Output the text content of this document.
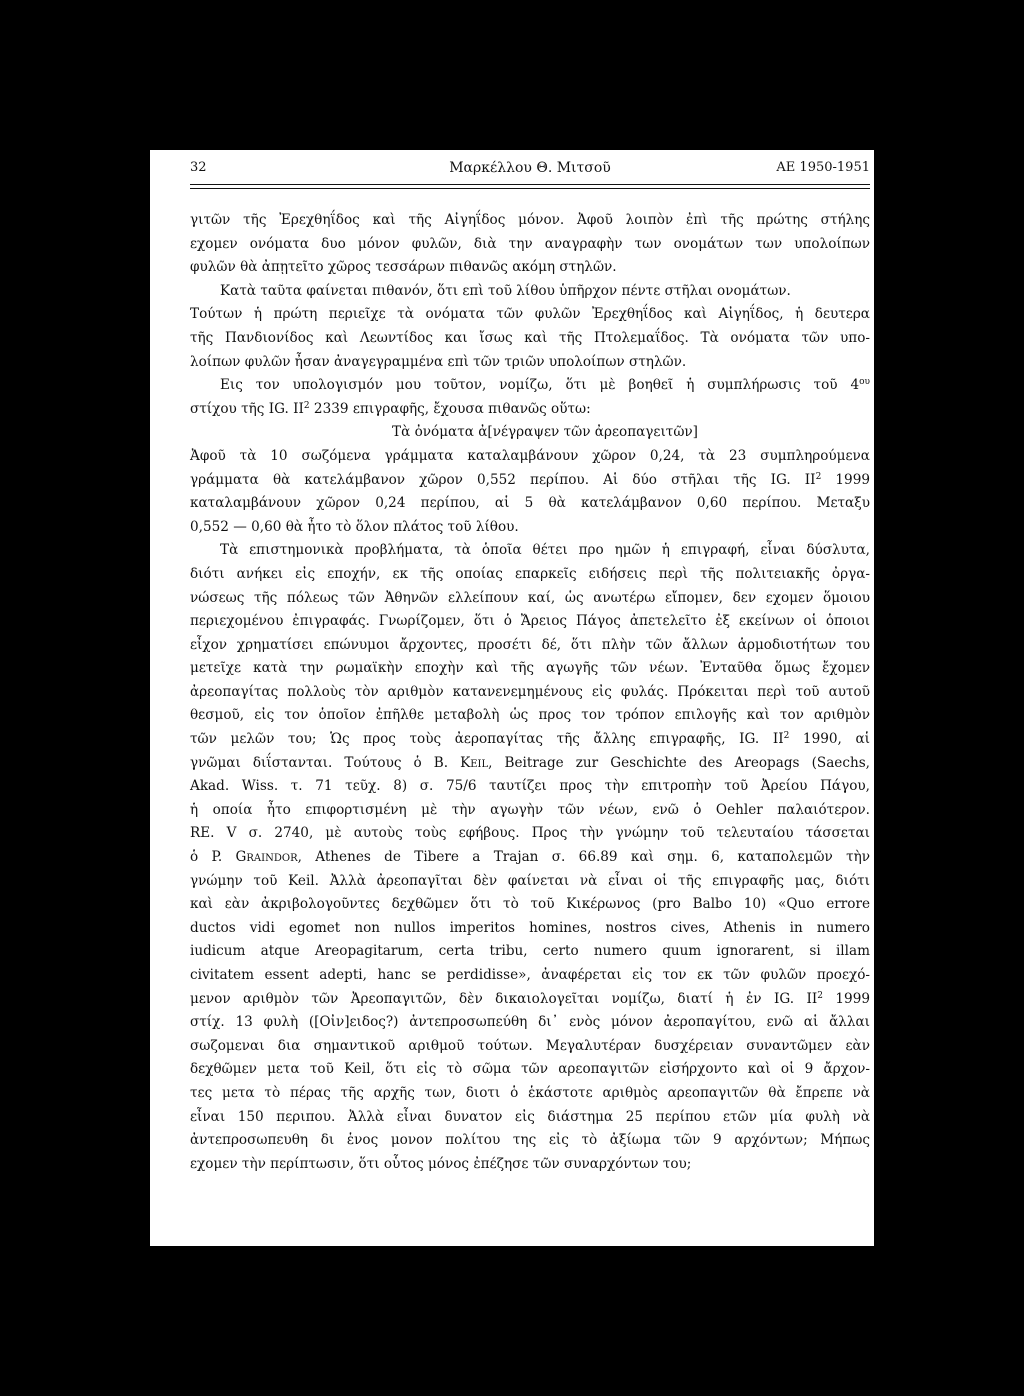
32	Μαρκέλλου Θ. Μιτσοῦ	ΑΕ 1950-1951

γιτῶν τῆς Ἐρεχθηΐδος καὶ τῆς Αἰγηΐδος μόνον. Ἀφοῦ λοιπὸν ἐπὶ τῆς πρώτης στήλης
εχομεν ονόματα δυο μόνον φυλῶν, διὰ την αναγραφὴν των ονομάτων των υπολοίπων
φυλῶν θὰ ἀπῃτεῖτο χῶρος τεσσάρων πιθανῶς ακόμη στηλῶν.

Κατὰ ταῦτα φαίνεται πιθανόν, ὅτι επὶ τοῦ λίθου ὑπῆρχον πέντε στῆλαι ονομάτων.

Τούτων ἡ πρώτη περιεῖχε τὰ ονόματα τῶν φυλῶν Ἐρεχθηΐδος καὶ Αἰγηΐδος, ἡ δευτερα
τῆς Πανδιονίδος καὶ Λεωντίδος και ἴσως καὶ τῆς Πτολεμαΐδος. Τὰ ονόματα τῶν υπο-
λοίπων φυλῶν ἦσαν ἀναγεγραμμένα επὶ τῶν τριῶν υπολοίπων στηλῶν.

Εις τον υπολογισμόν μου τοῦτον, νομίζω, ὅτι μὲ βοηθεῖ ἡ συμπλήρωσις τοῦ $4^{o\upsilon}$
στίχου τῆς IG. $II^2$ 2339 επιγραφῆς, ἔχουσα πιθανῶς οὕτω:

Τὰ ὀνόματα ἀ[νέγραψεν τῶν ἀρεοπαγειτῶν]

Ἀφοῦ τὰ 10 σωζόμενα γράμματα καταλαμβάνουν χῶρον 0,24, τὰ 23 συμπληρούμενα
γράμματα θὰ κατελάμβανον χῶρον 0,552 περίπου. Αἱ δύο στῆλαι τῆς IG. $II^2$ 1999
καταλαμβάνουν χῶρον 0,24 περίπου, αἱ 5 θὰ κατελάμβανον 0,60 περίπου. Μεταξυ
0,552 — 0,60 θὰ ἦτο τὸ ὅλον πλάτος τοῦ λίθου.

Τὰ επιστημονικὰ προβλήματα, τὰ ὁποῖα θέτει προ ημῶν ἡ επιγραφή, εἶναι δύσλυτα,
διότι ανήκει εἰς εποχήν, εκ τῆς οποίας επαρκεῖς ειδήσεις περὶ τῆς πολιτειακῆς ὀργα-
νώσεως τῆς πόλεως τῶν Ἀθηνῶν ελλείπουν καί, ὡς ανωτέρω εἴπομεν, δεν εχομεν ὅμοιου
περιεχομένου ἐπιγραφάς. Γνωρίζομεν, ὅτι ὁ Ἄρειος Πάγος ἀπετελεῖτο ἐξ εκείνων οἱ ὁποιοι
εἶχον χρηματίσει επώνυμοι ἄρχοντες, προσέτι δέ, ὅτι πλὴν τῶν ἄλλων ἁρμοδιοτήτων του
μετεῖχε κατὰ την ρωμαϊκὴν εποχὴν καὶ τῆς αγωγῆς τῶν νέων. Ἐνταῦθα ὅμως ἔχομεν
ἀρεοπαγίτας πολλοὺς τὸν αριθμὸν κατανενεμημένους εἰς φυλάς. Πρόκειται περὶ τοῦ αυτοῦ
θεσμοῦ, εἰς τον ὁποῖον ἐπῆλθε μεταβολὴ ὡς προς τον τρόπον επιλογῆς καὶ τον αριθμὸν
τῶν μελῶν του; Ὡς προς τοὺς ἀεροπαγίτας τῆς ἄλλης επιγραφῆς, IG. $II^2$ 1990, αἱ
γνῶμαι διΐστανται. Τούτους ὁ B. Keil, Beitrage zur Geschichte des Areopags (Saechs,
Akad. Wiss. τ. 71 τεῦχ. 8) σ. 75/6 ταυτίζει προς τὴν επιτροπὴν τοῦ Ἀρείου Πάγου,
ἡ οποία ἦτο επιφορτισμένη μὲ τὴν αγωγὴν τῶν νέων, ενῶ ὁ Oehler παλαιότερον.
RE. V σ. 2740, μὲ αυτοὺς τοὺς εφήβους. Προς τὴν γνώμην τοῦ τελευταίου τάσσεται
ὁ P. Graindor, Athenes de Tibere a Trajan σ. 66.89 καὶ σημ. 6, καταπολεμῶν τὴν
γνώμην τοῦ Keil. Ἀλλὰ ἀρεοπαγῖται δὲν φαίνεται νὰ εἶναι οἱ τῆς επιγραφῆς μας, διότι
καὶ εὰν ἀκριβολογοῦντες δεχθῶμεν ὅτι τὸ τοῦ Κικέρωνος (pro Balbo 10) «Quo errore
ductos vidi egomet non nullos imperitos homines, nostros cives, Athenis in numero
iudicum atque Areopagitarum, certa tribu, certo numero quum ignorarent, si illam
civitatem essent adepti, hanc se perdidisse», ἀναφέρεται εἰς τον εκ τῶν φυλῶν προεχό-
μενον αριθμὸν τῶν Ἀρεοπαγιτῶν, δὲν δικαιολογεῖται νομίζω, διατί ἡ ἐν IG. $II^2$ 1999
στίχ. 13 φυλὴ ([Οἰν]ειδος?) ἀντεπροσωπεύθη δι᾽ ενὸς μόνον ἀεροπαγίτου, ενῶ αἱ ἄλλαι
σωζομεναι δια σημαντικοῦ αριθμοῦ τούτων. Μεγαλυτέραν δυσχέρειαν συναντῶμεν εὰν
δεχθῶμεν μετα τοῦ Keil, ὅτι εἰς τὸ σῶμα τῶν αρεοπαγιτῶν εἰσήρχοντο καὶ οἱ 9 ἄρχον-
τες μετα τὸ πέρας τῆς αρχῆς των, διοτι ὁ ἑκάστοτε αριθμὸς αρεοπαγιτῶν θὰ ἔπρεπε νὰ
εἶναι 150 περιπου. Ἀλλὰ εἶναι δυνατον εἰς διάστημα 25 περίπου ετῶν μία φυλὴ νὰ
ἀντεπροσωπευθη δι ἑνος μονον πολίτου της εἰς τὸ ἀξίωμα τῶν 9 αρχόντων; Μήπως
εχομεν τὴν περίπτωσιν, ὅτι οὗτος μόνος ἐπέζησε τῶν συναρχόντων του;
